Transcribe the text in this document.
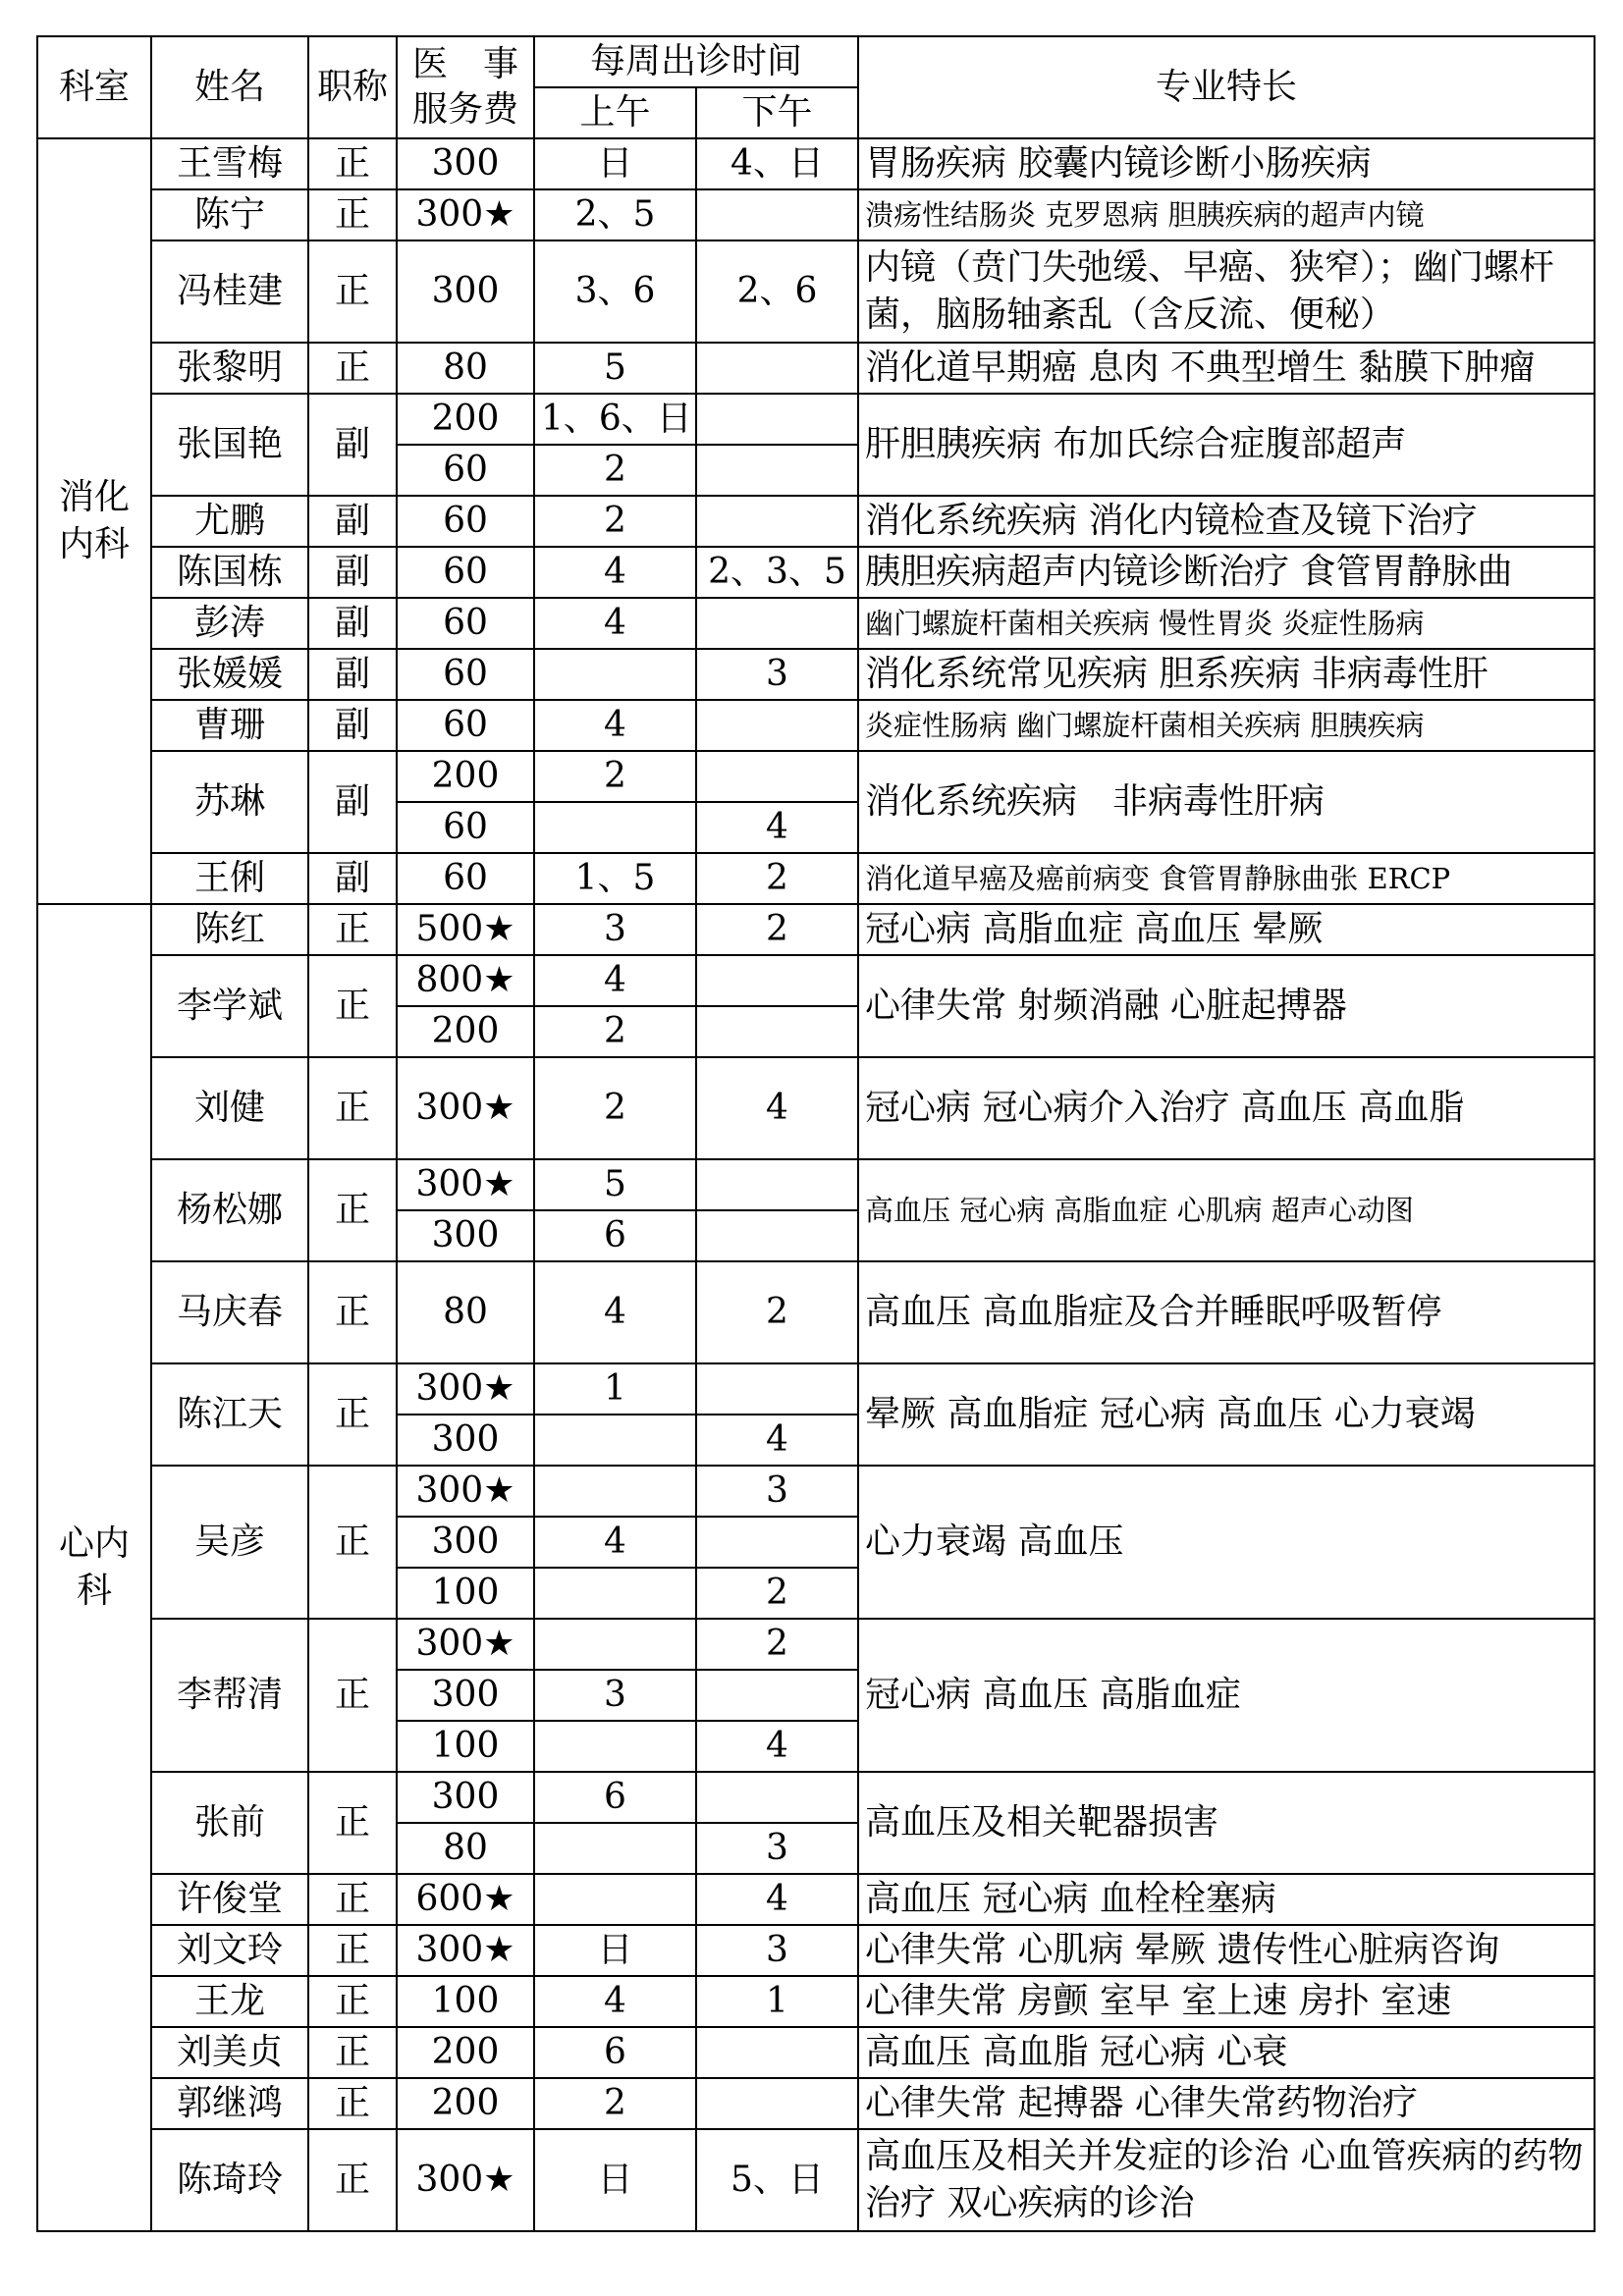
科室	姓名	职称	医　事
服务费	每周出诊时间		专业特长
				上午	下午	
消化内科	王雪梅	正	300	日	4、日	胃肠疾病 胶囊内镜诊断小肠疾病
	陈宁	正	300★	2、5		溃疡性结肠炎 克罗恩病 胆胰疾病的超声内镜
	冯桂建	正	300	3、6	2、6	内镜（贲门失弛缓、早癌、狭窄）；幽门螺杆菌，脑肠轴紊乱（含反流、便秘）
	张黎明	正	80	5		消化道早期癌 息肉 不典型增生 黏膜下肿瘤
	张国艳	副	200	1、6、日		肝胆胰疾病 布加氏综合症腹部超声
			60	2		
	尤鹏	副	60	2		消化系统疾病 消化内镜检查及镜下治疗
	陈国栋	副	60	4	2、3、5	胰胆疾病超声内镜诊断治疗 食管胃静脉曲
	彭涛	副	60	4		幽门螺旋杆菌相关疾病 慢性胃炎 炎症性肠病
	张媛媛	副	60		3	消化系统常见疾病 胆系疾病 非病毒性肝
	曹珊	副	60	4		炎症性肠病 幽门螺旋杆菌相关疾病 胆胰疾病
	苏琳	副	200	2		消化系统疾病　非病毒性肝病
			60		4	
	王俐	副	60	1、5	2	消化道早癌及癌前病变 食管胃静脉曲张 ERCP
心内科	陈红	正	500★	3	2	冠心病 高脂血症 高血压 晕厥
	李学斌	正	800★	4		心律失常 射频消融 心脏起搏器
			200	2		
	刘健	正	300★	2	4	冠心病 冠心病介入治疗 高血压 高血脂
	杨松娜	正	300★	5		高血压 冠心病 高脂血症 心肌病 超声心动图
			300	6		
	马庆春	正	80	4	2	高血压 高血脂症及合并睡眠呼吸暂停
	陈江天	正	300★	1		晕厥 高血脂症 冠心病 高血压 心力衰竭
			300		4	
	吴彦	正	300★		3	心力衰竭 高血压
			300	4		
			100		2	
	李帮清	正	300★		2	冠心病 高血压 高脂血症
			300	3		
			100		4	
	张前	正	300	6		高血压及相关靶器损害
			80		3	
	许俊堂	正	600★		4	高血压 冠心病 血栓栓塞病
	刘文玲	正	300★	日	3	心律失常 心肌病 晕厥 遗传性心脏病咨询
	王龙	正	100	4	1	心律失常 房颤 室早 室上速 房扑 室速
	刘美贞	正	200	6		高血压 高血脂 冠心病 心衰
	郭继鸿	正	200	2		心律失常 起搏器 心律失常药物治疗
	陈琦玲	正	300★	日	5、日	高血压及相关并发症的诊治 心血管疾病的药物治疗 双心疾病的诊治
